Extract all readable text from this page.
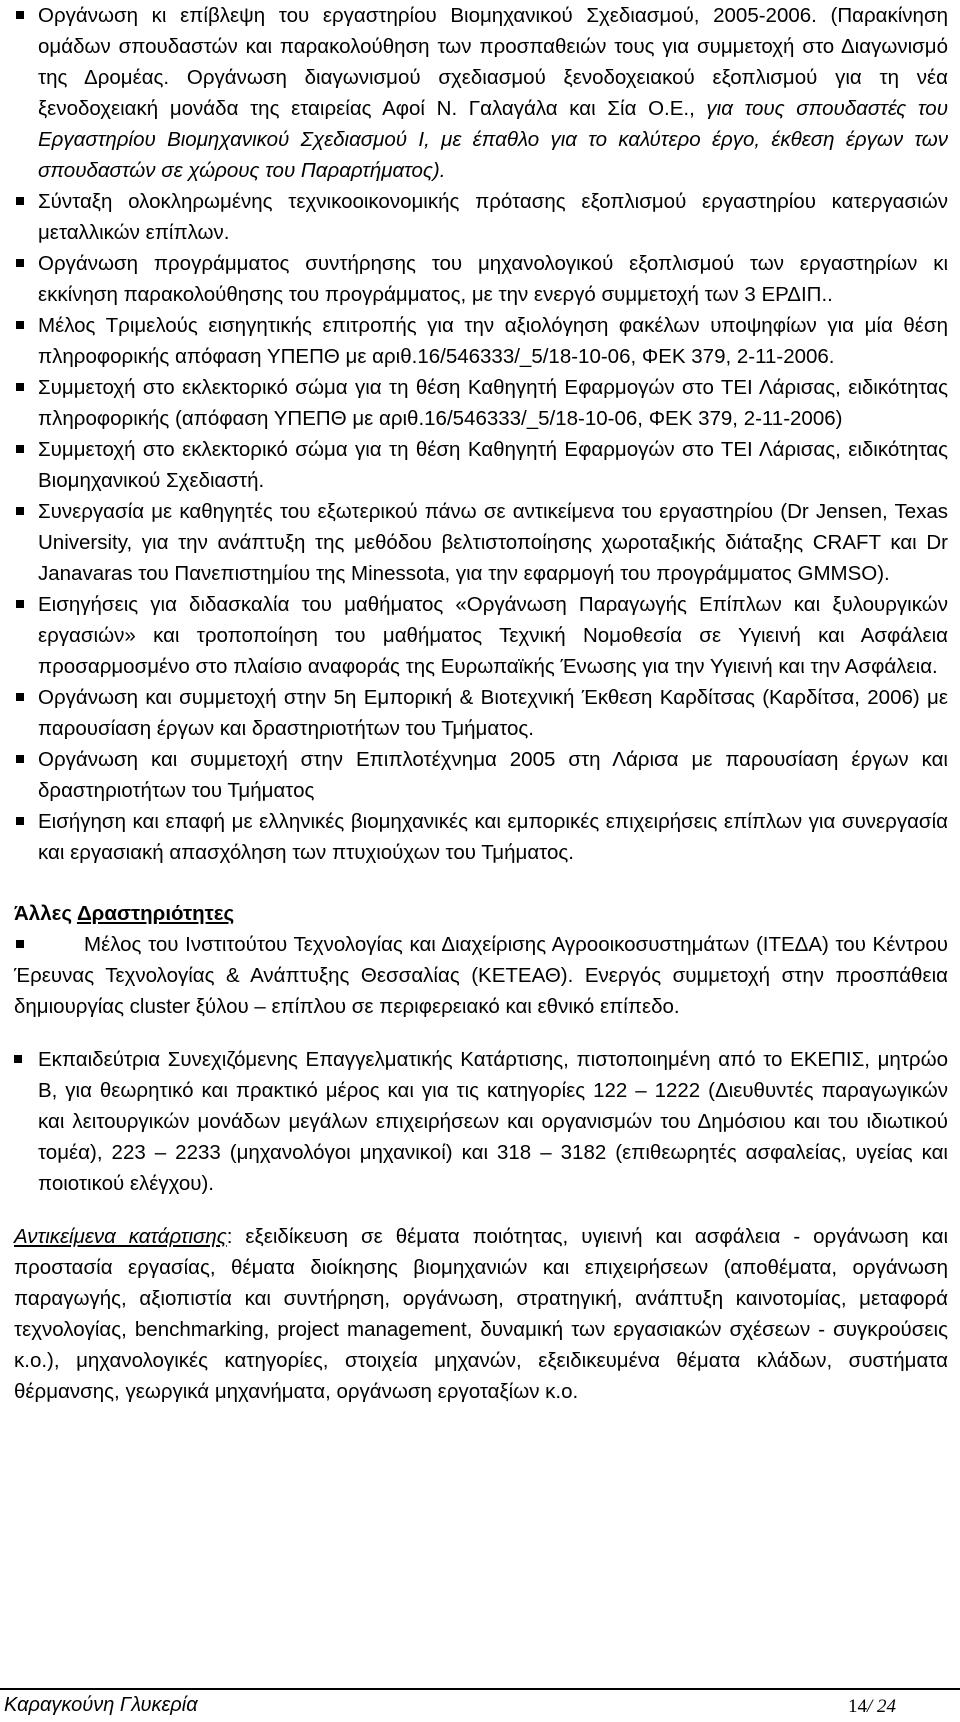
Οργάνωση κι επίβλεψη του εργαστηρίου Βιομηχανικού Σχεδιασμού, 2005-2006. (Παρακίνηση ομάδων σπουδαστών και παρακολούθηση των προσπαθειών τους για συμμετοχή στο Διαγωνισμό της Δρομέας. Οργάνωση διαγωνισμού σχεδιασμού ξενοδοχειακού εξοπλισμού για τη νέα ξενοδοχειακή μονάδα της εταιρείας Αφοί Ν. Γαλαγάλα και Σία Ο.Ε., για τους σπουδαστές του Εργαστηρίου Βιομηχανικού Σχεδιασμού Ι, με έπαθλο για το καλύτερο έργο, έκθεση έργων των σπουδαστών σε χώρους του Παραρτήματος).

Σύνταξη ολοκληρωμένης τεχνικοοικονομικής πρότασης εξοπλισμού εργαστηρίου κατεργασιών μεταλλικών επίπλων.

Οργάνωση προγράμματος συντήρησης του μηχανολογικού εξοπλισμού των εργαστηρίων κι εκκίνηση παρακολούθησης του προγράμματος, με την ενεργό συμμετοχή των 3 ΕΡΔΙΠ..

Μέλος Τριμελούς εισηγητικής επιτροπής για την αξιολόγηση φακέλων υποψηφίων για μία θέση πληροφορικής απόφαση ΥΠΕΠΘ με αριθ.16/546333/_5/18-10-06, ΦΕΚ 379, 2-11-2006.

Συμμετοχή στο εκλεκτορικό σώμα για τη θέση Καθηγητή Εφαρμογών στο ΤΕΙ Λάρισας, ειδικότητας πληροφορικής (απόφαση ΥΠΕΠΘ με αριθ.16/546333/_5/18-10-06, ΦΕΚ 379, 2-11-2006)

Συμμετοχή στο εκλεκτορικό σώμα για τη θέση Καθηγητή Εφαρμογών στο ΤΕΙ Λάρισας, ειδικότητας Βιομηχανικού Σχεδιαστή.

Συνεργασία με καθηγητές του εξωτερικού πάνω σε αντικείμενα του εργαστηρίου (Dr Jensen, Texas University, για την ανάπτυξη της μεθόδου βελτιστοποίησης χωροταξικής διάταξης CRAFT και Dr Janavaras του Πανεπιστημίου της Minessota, για την εφαρμογή του προγράμματος GMMSO).

Εισηγήσεις για διδασκαλία του μαθήματος «Οργάνωση Παραγωγής Επίπλων και ξυλουργικών εργασιών» και τροποποίηση του μαθήματος Τεχνική Νομοθεσία σε Υγιεινή και Ασφάλεια προσαρμοσμένο στο πλαίσιο αναφοράς της Ευρωπαϊκής Ένωσης για την Υγιεινή και την Ασφάλεια.

Οργάνωση και συμμετοχή στην 5η Εμπορική & Βιοτεχνική Έκθεση Καρδίτσας (Καρδίτσα, 2006) με παρουσίαση έργων και δραστηριοτήτων του Τμήματος.

Οργάνωση και συμμετοχή στην Επιπλοτέχνημα 2005 στη Λάρισα με παρουσίαση έργων και δραστηριοτήτων του Τμήματος

Εισήγηση και επαφή με ελληνικές βιομηχανικές και εμπορικές επιχειρήσεις επίπλων για συνεργασία και εργασιακή απασχόληση των πτυχιούχων του Τμήματος.

Άλλες Δραστηριότητες

Μέλος του Ινστιτούτου Τεχνολογίας και Διαχείρισης Αγροοικοσυστημάτων (ΙΤΕΔΑ) του Κέντρου Έρευνας Τεχνολογίας & Ανάπτυξης Θεσσαλίας (ΚΕΤΕΑΘ). Ενεργός συμμετοχή στην προσπάθεια δημιουργίας cluster ξύλου – επίπλου σε περιφερειακό και εθνικό επίπεδο.

Εκπαιδεύτρια Συνεχιζόμενης Επαγγελματικής Κατάρτισης, πιστοποιημένη από το ΕΚΕΠΙΣ, μητρώο Β, για θεωρητικό και πρακτικό μέρος και για τις κατηγορίες 122 – 1222 (Διευθυντές παραγωγικών και λειτουργικών μονάδων μεγάλων επιχειρήσεων και οργανισμών του Δημόσιου και του ιδιωτικού τομέα), 223 – 2233 (μηχανολόγοι μηχανικοί) και 318 – 3182 (επιθεωρητές ασφαλείας, υγείας και ποιοτικού ελέγχου).

Αντικείμενα κατάρτισης: εξειδίκευση σε θέματα ποιότητας, υγιεινή και ασφάλεια - οργάνωση και προστασία εργασίας, θέματα διοίκησης βιομηχανιών και επιχειρήσεων (αποθέματα, οργάνωση παραγωγής, αξιοπιστία και συντήρηση, οργάνωση, στρατηγική, ανάπτυξη καινοτομίας, μεταφορά τεχνολογίας, benchmarking, project management, δυναμική των εργασιακών σχέσεων - συγκρούσεις κ.ο.), μηχανολογικές κατηγορίες, στοιχεία μηχανών, εξειδικευμένα θέματα κλάδων, συστήματα θέρμανσης, γεωργικά μηχανήματα, οργάνωση εργοταξίων κ.ο.

Καραγκούνη Γλυκερία	14/ 24
